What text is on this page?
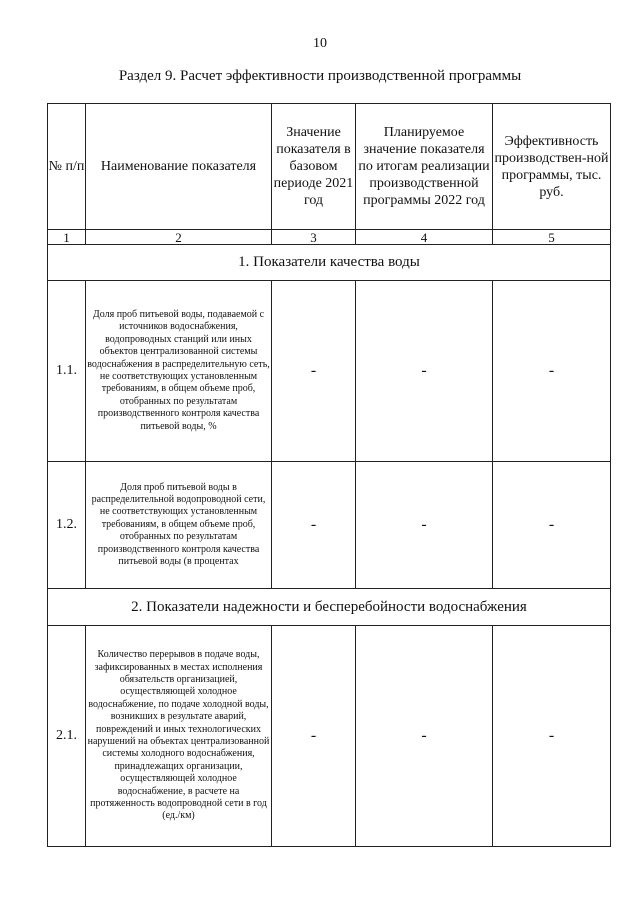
10
Раздел 9. Расчет эффективности производственной программы
№ п/п	Наименование показателя	Значение показателя в базовом периоде 2021 год	Планируемое значение показателя по итогам реализации производственной программы 2022 год	Эффективность производствен-ной программы, тыс. руб.
1	2	3	4	5
1. Показатели качества воды				
1.1.	Доля проб питьевой воды, подаваемой с источников водоснабжения, водопроводных станций или иных объектов централизованной системы водоснабжения в распределительную сеть, не соответствующих установленным требованиям, в общем объеме проб, отобранных по результатам производственного контроля качества питьевой воды, %	-	-	-
1.2.	Доля проб питьевой воды в распределительной водопроводной сети, не соответствующих установленным требованиям, в общем объеме проб, отобранных по результатам производственного контроля качества питьевой воды (в процентах	-	-	-
2. Показатели надежности и бесперебойности водоснабжения				
2.1.	Количество перерывов в подаче воды, зафиксированных в местах исполнения обязательств организацией, осуществляющей холодное водоснабжение, по подаче холодной воды, возникших в результате аварий, повреждений и иных технологических нарушений на объектах централизованной системы холодного водоснабжения, принадлежащих организации, осуществляющей холодное водоснабжение, в расчете на протяженность водопроводной сети в год (ед./км)	-	-	-
